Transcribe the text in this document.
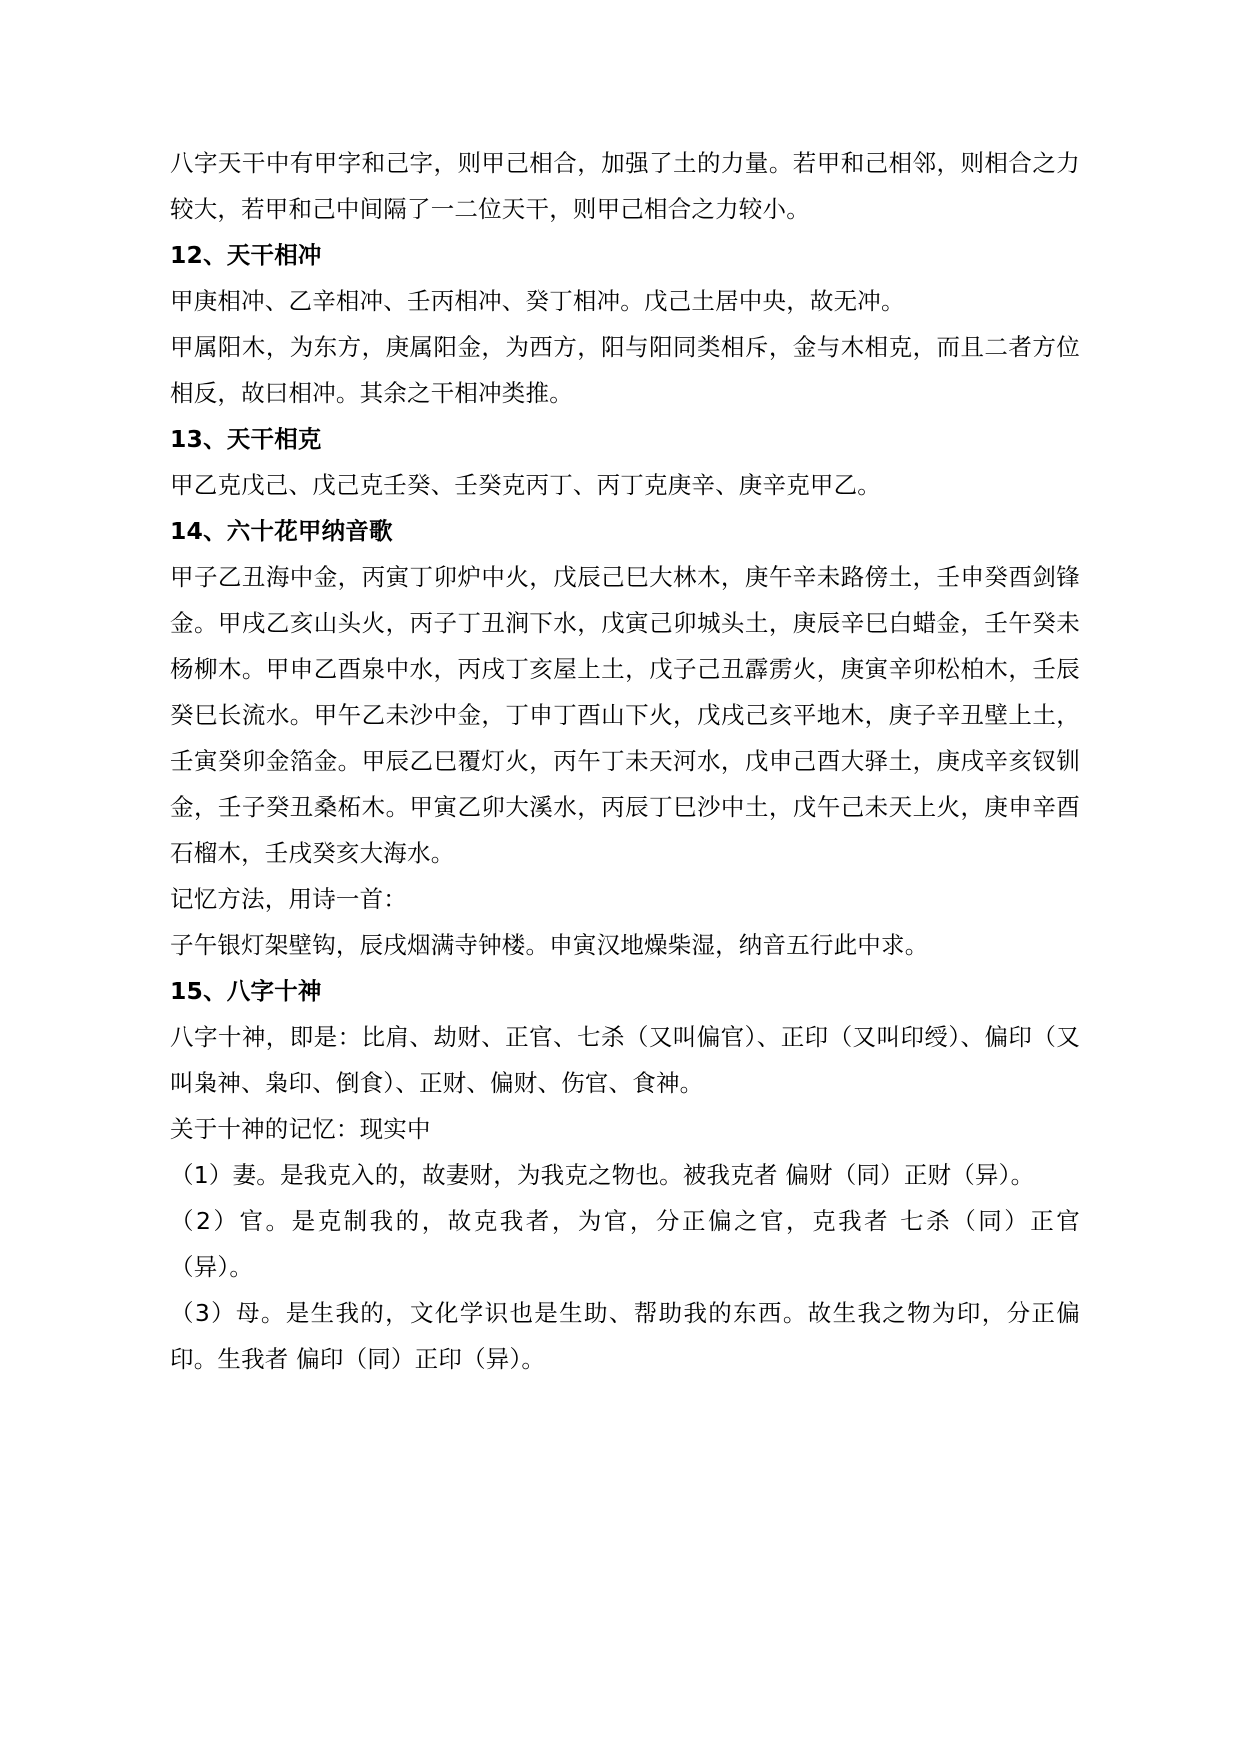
八字天干中有甲字和己字，则甲己相合，加强了土的力量。若甲和己相邻，则相合之力较大，若甲和己中间隔了一二位天干，则甲己相合之力较小。

12、天干相冲

甲庚相冲、乙辛相冲、壬丙相冲、癸丁相冲。戊己土居中央，故无冲。

甲属阳木，为东方，庚属阳金，为西方，阳与阳同类相斥，金与木相克，而且二者方位相反，故曰相冲。其余之干相冲类推。

13、天干相克

甲乙克戊己、戊己克壬癸、壬癸克丙丁、丙丁克庚辛、庚辛克甲乙。

14、六十花甲纳音歌

甲子乙丑海中金，丙寅丁卯炉中火，戊辰己巳大林木，庚午辛未路傍土，壬申癸酉剑锋金。甲戌乙亥山头火，丙子丁丑涧下水，戊寅己卯城头土，庚辰辛巳白蜡金，壬午癸未杨柳木。甲申乙酉泉中水，丙戌丁亥屋上土，戊子己丑霹雳火，庚寅辛卯松柏木，壬辰癸巳长流水。甲午乙未沙中金，丁申丁酉山下火，戊戌己亥平地木，庚子辛丑壁上土，壬寅癸卯金箔金。甲辰乙巳覆灯火，丙午丁未天河水，戊申己酉大驿土，庚戌辛亥钗钏金，壬子癸丑桑柘木。甲寅乙卯大溪水，丙辰丁巳沙中土，戊午己未天上火，庚申辛酉石榴木，壬戌癸亥大海水。

记忆方法，用诗一首：

子午银灯架壁钩，辰戌烟满寺钟楼。申寅汉地燥柴湿，纳音五行此中求。

15、八字十神

八字十神，即是：比肩、劫财、正官、七杀（又叫偏官）、正印（又叫印绶）、偏印（又叫枭神、枭印、倒食）、正财、偏财、伤官、食神。

关于十神的记忆：现实中

（1）妻。是我克入的，故妻财，为我克之物也。被我克者 偏财（同）正财（异）。

（2）官。是克制我的，故克我者，为官，分正偏之官，克我者 七杀（同）正官（异）。

（3）母。是生我的，文化学识也是生助、帮助我的东西。故生我之物为印，分正偏印。生我者 偏印（同）正印（异）。
